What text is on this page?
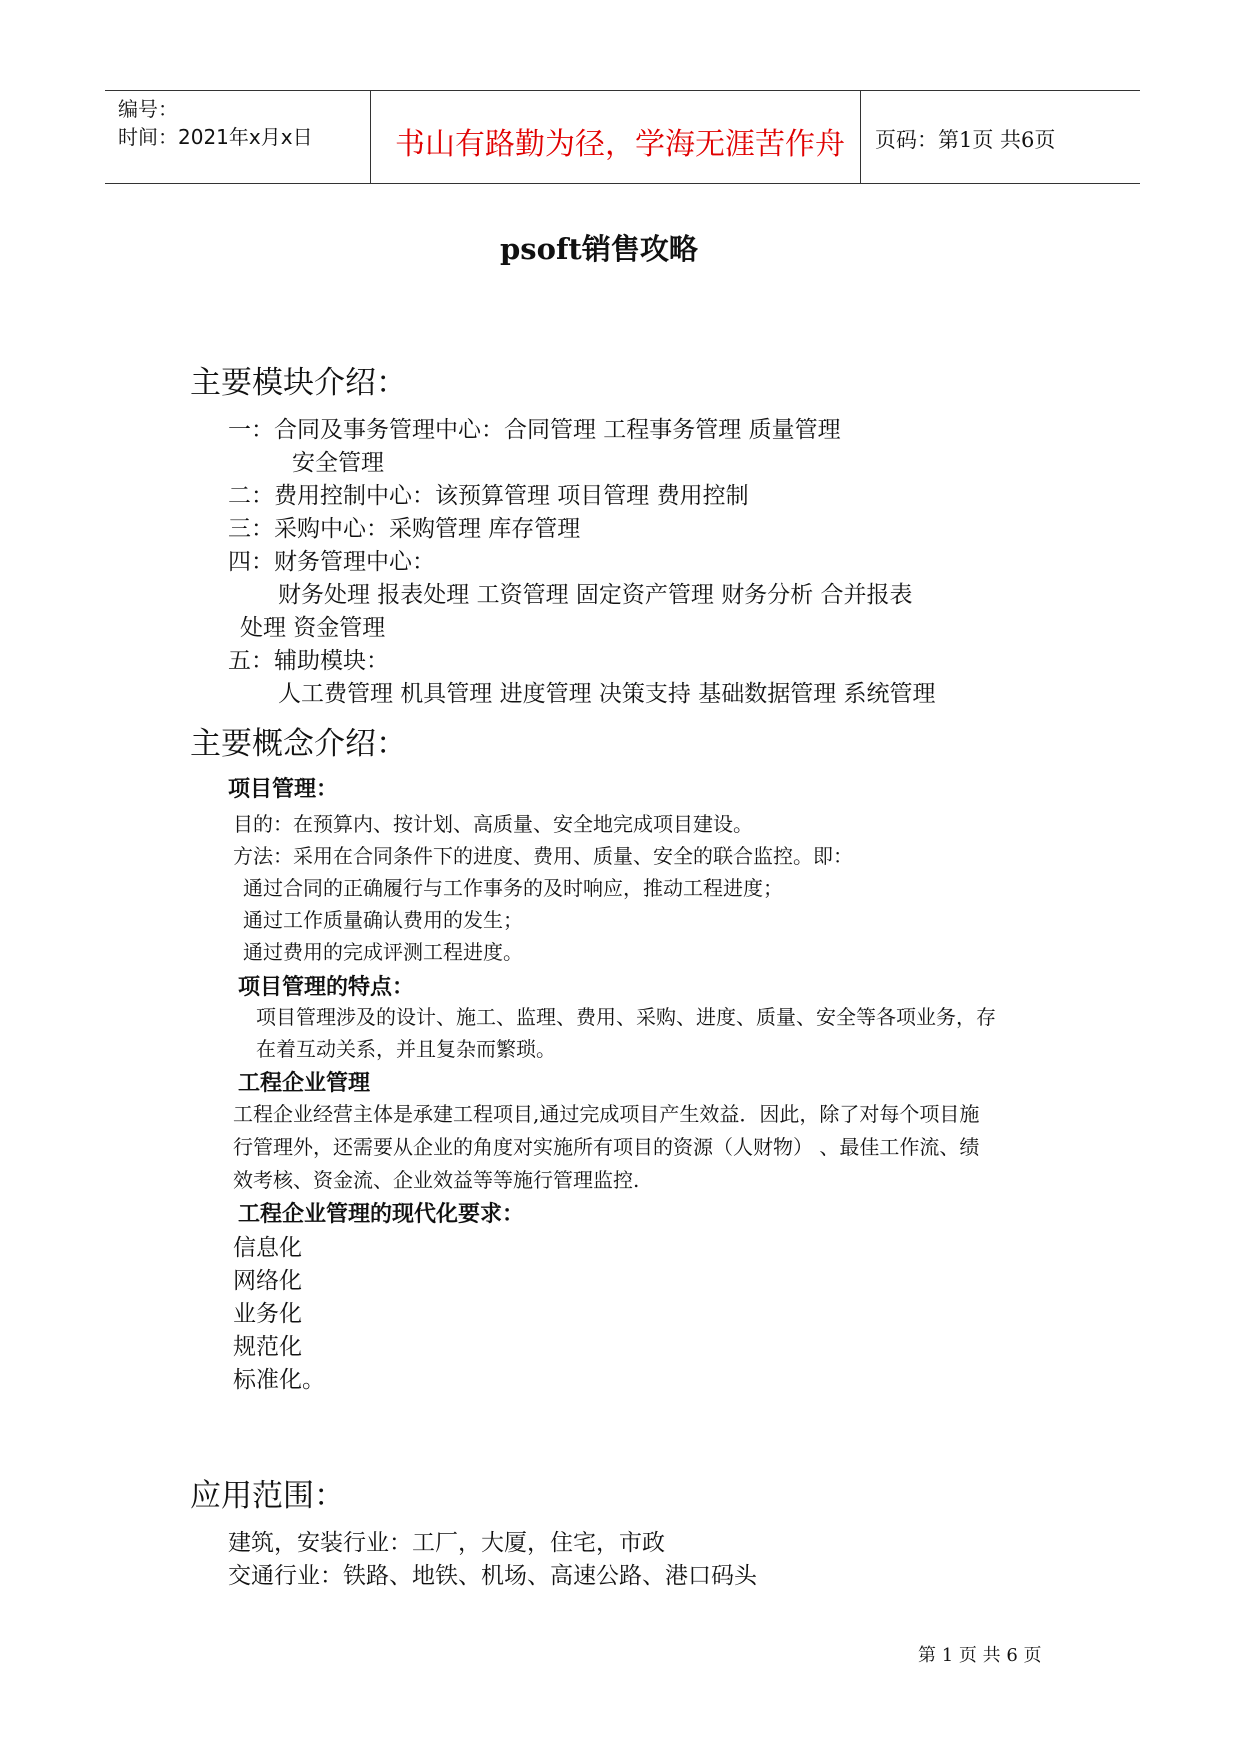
编号：
时间：2021年x月x日	书山有路勤为径，学海无涯苦作舟 页码：第1页 共6页
psoft销售攻略
主要模块介绍：
一：合同及事务管理中心：合同管理 工程事务管理 质量管理
安全管理
二：费用控制中心：该预算管理 项目管理 费用控制
三：采购中心：采购管理 库存管理
四：财务管理中心：
财务处理 报表处理 工资管理 固定资产管理 财务分析 合并报表
处理 资金管理
五：辅助模块：
人工费管理 机具管理 进度管理 决策支持 基础数据管理 系统管理
主要概念介绍：
项目管理：
目的：在预算内、按计划、高质量、安全地完成项目建设。
方法：采用在合同条件下的进度、费用、质量、安全的联合监控。即：
通过合同的正确履行与工作事务的及时响应，推动工程进度；
通过工作质量确认费用的发生；
通过费用的完成评测工程进度。
项目管理的特点：
项目管理涉及的设计、施工、监理、费用、采购、进度、质量、安全等各项业务，存
在着互动关系，并且复杂而繁琐。
工程企业管理
工程企业经营主体是承建工程项目,通过完成项目产生效益．因此，除了对每个项目施
行管理外，还需要从企业的角度对实施所有项目的资源（人财物） 、最佳工作流、绩
效考核、资金流、企业效益等等施行管理监控.
工程企业管理的现代化要求：
信息化
网络化
业务化
规范化
标准化。
应用范围：
建筑，安装行业：工厂，大厦，住宅，市政
交通行业：铁路、地铁、机场、高速公路、港口码头
第 1 页 共 6 页
